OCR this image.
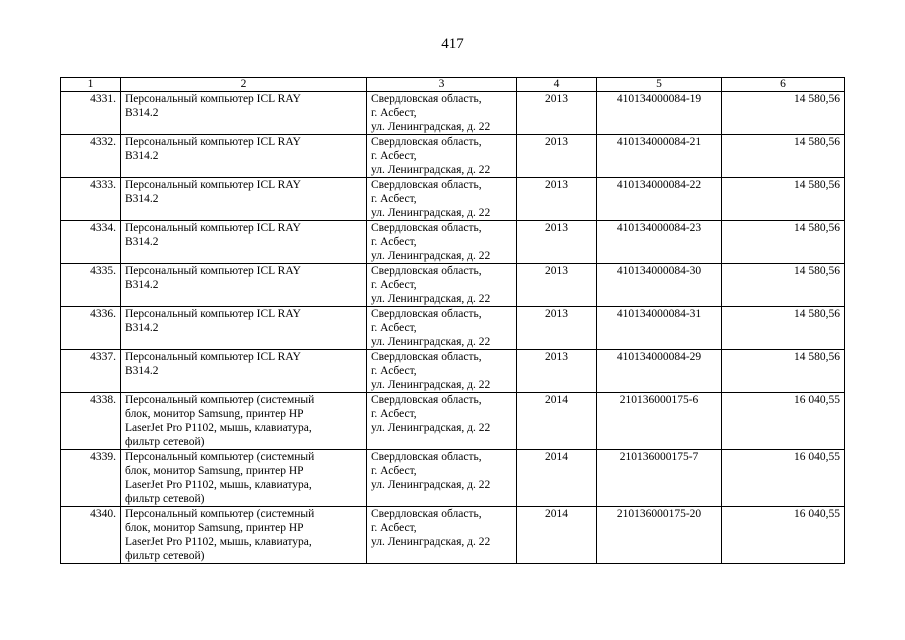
417
1	2	3	4	5	6
4331.	Персональный компьютер ICL RAY
B314.2	Свердловская область,
г. Асбест,
ул. Ленинградская, д. 22	2013	410134000084-19	14 580,56
4332.	Персональный компьютер ICL RAY
B314.2	Свердловская область,
г. Асбест,
ул. Ленинградская, д. 22	2013	410134000084-21	14 580,56
4333.	Персональный компьютер ICL RAY
B314.2	Свердловская область,
г. Асбест,
ул. Ленинградская, д. 22	2013	410134000084-22	14 580,56
4334.	Персональный компьютер ICL RAY
B314.2	Свердловская область,
г. Асбест,
ул. Ленинградская, д. 22	2013	410134000084-23	14 580,56
4335.	Персональный компьютер ICL RAY
B314.2	Свердловская область,
г. Асбест,
ул. Ленинградская, д. 22	2013	410134000084-30	14 580,56
4336.	Персональный компьютер ICL RAY
B314.2	Свердловская область,
г. Асбест,
ул. Ленинградская, д. 22	2013	410134000084-31	14 580,56
4337.	Персональный компьютер ICL RAY
B314.2	Свердловская область,
г. Асбест,
ул. Ленинградская, д. 22	2013	410134000084-29	14 580,56
4338.	Персональный компьютер (системный
блок, монитор Samsung, принтер HP
LaserJet Pro P1102, мышь, клавиатура,
фильтр сетевой)	Свердловская область,
г. Асбест,
ул. Ленинградская, д. 22	2014	210136000175-6	16 040,55
4339.	Персональный компьютер (системный
блок, монитор Samsung, принтер HP
LaserJet Pro P1102, мышь, клавиатура,
фильтр сетевой)	Свердловская область,
г. Асбест,
ул. Ленинградская, д. 22	2014	210136000175-7	16 040,55
4340.	Персональный компьютер (системный
блок, монитор Samsung, принтер HP
LaserJet Pro P1102, мышь, клавиатура,
фильтр сетевой)	Свердловская область,
г. Асбест,
ул. Ленинградская, д. 22	2014	210136000175-20	16 040,55
